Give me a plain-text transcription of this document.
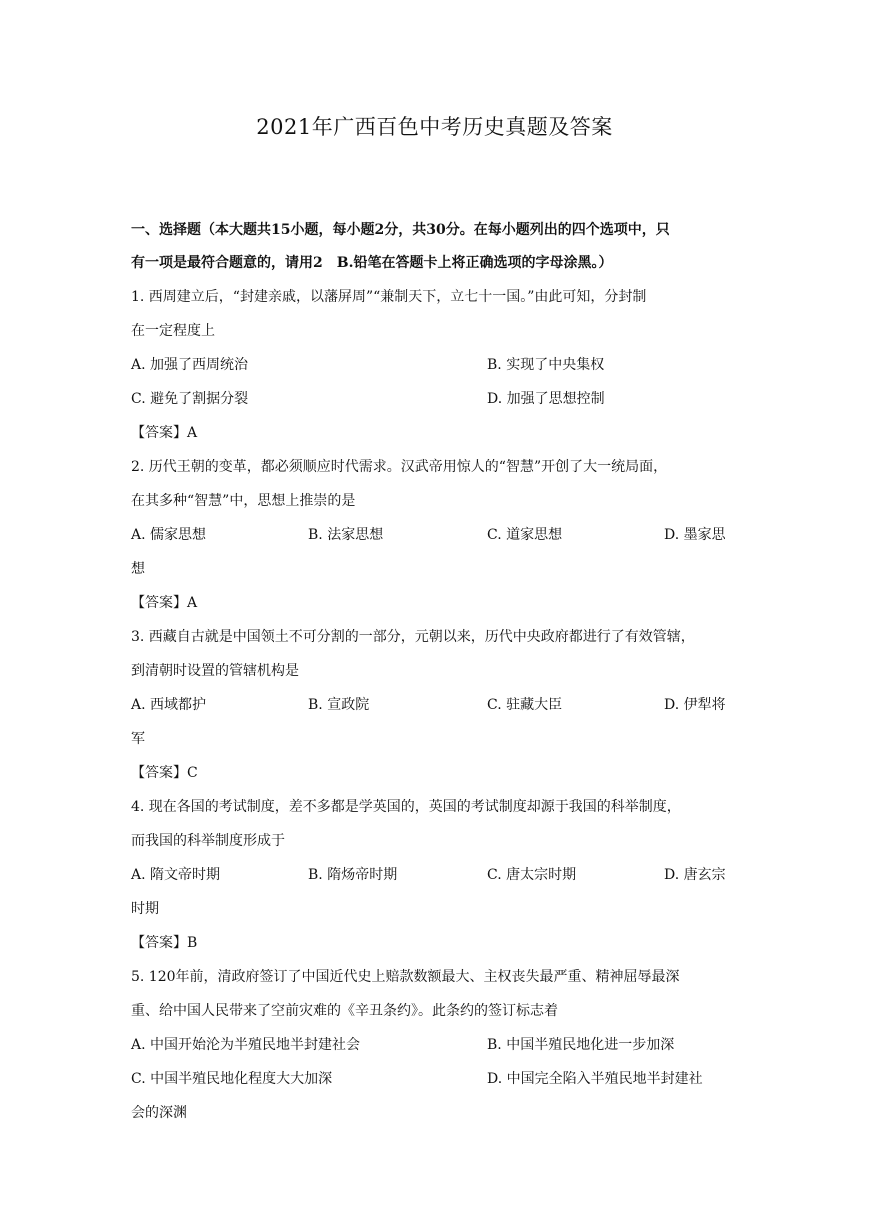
2021年广西百色中考历史真题及答案
一、选择题（本大题共15小题，每小题2分，共30分。在每小题列出的四个选项中，只
有一项是最符合题意的，请用2　B.铅笔在答题卡上将正确选项的字母涂黑。）
1. 西周建立后，“封建亲戚，以藩屏周”“兼制天下，立七十一国。”由此可知，分封制
在一定程度上
A. 加强了西周统治	B. 实现了中央集权
C. 避免了割据分裂	D. 加强了思想控制
【答案】A
2. 历代王朝的变革，都必须顺应时代需求。汉武帝用惊人的“智慧”开创了大一统局面，
在其多种“智慧”中，思想上推崇的是
A. 儒家思想	B. 法家思想	C. 道家思想	D. 墨家思
想
【答案】A
3. 西藏自古就是中国领土不可分割的一部分，元朝以来，历代中央政府都进行了有效管辖，
到清朝时设置的管辖机构是
A. 西域都护	B. 宣政院	C. 驻藏大臣	D. 伊犁将
军
【答案】C
4. 现在各国的考试制度，差不多都是学英国的，英国的考试制度却源于我国的科举制度，
而我国的科举制度形成于
A. 隋文帝时期	B. 隋炀帝时期	C. 唐太宗时期	D. 唐玄宗
时期
【答案】B
5. 120年前，清政府签订了中国近代史上赔款数额最大、主权丧失最严重、精神屈辱最深
重、给中国人民带来了空前灾难的《辛丑条约》。此条约的签订标志着
A. 中国开始沦为半殖民地半封建社会	B. 中国半殖民地化进一步加深
C. 中国半殖民地化程度大大加深	D. 中国完全陷入半殖民地半封建社
会的深渊
